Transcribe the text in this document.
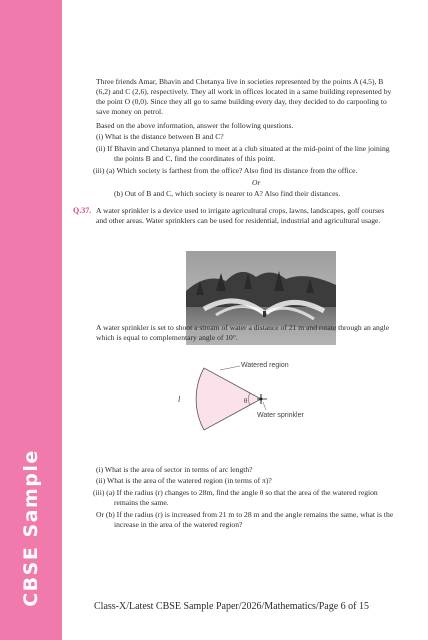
CBSE Sample
Three friends Amar, Bhavin and Chetanya live in societies represented by the points A (4,5), B
(6,2) and C (2,6), respectively. They all work in offices located in a same building represented by
the point O (0,0). Since they all go to same building every day, they decided to do carpooling to
save money on petrol.
Based on the above information, answer the following questions.
(i) What is the distance between B and C?
(ii) If Bhavin and Chetanya planned to meet at a club situated at the mid-point of the line joining
the points B and C, find the coordinates of this point.
(iii) (a) Which society is farthest from the office? Also find its distance from the office.
Or
(b) Out of B and C, which society is nearer to A? Also find their distances.
Q.37. A water sprinkler is a device used to irrigate agricultural crops, lawns, landscapes, golf courses
and other areas. Water sprinklers can be used for residential, industrial and agricultural usage.
A water sprinkler is set to shoot a stream of water a distance of 21 m and rotate through an angle
which is equal to complementary angle of 10°.
Watered region
Water sprinkler
l	θ
(i) What is the area of sector in terms of arc length?
(ii) What is the area of the watered region (in terms of π)?
(iii) (a) If the radius (r) changes to 28m, find the angle θ so that the area of the watered region
remains the same.
Or (b) If the radius (r) is increased from 21 m to 28 m and the angle remains the same, what is the
increase in the area of the watered region?
Class-X/Latest CBSE Sample Paper/2026/Mathematics/Page 6 of 15
